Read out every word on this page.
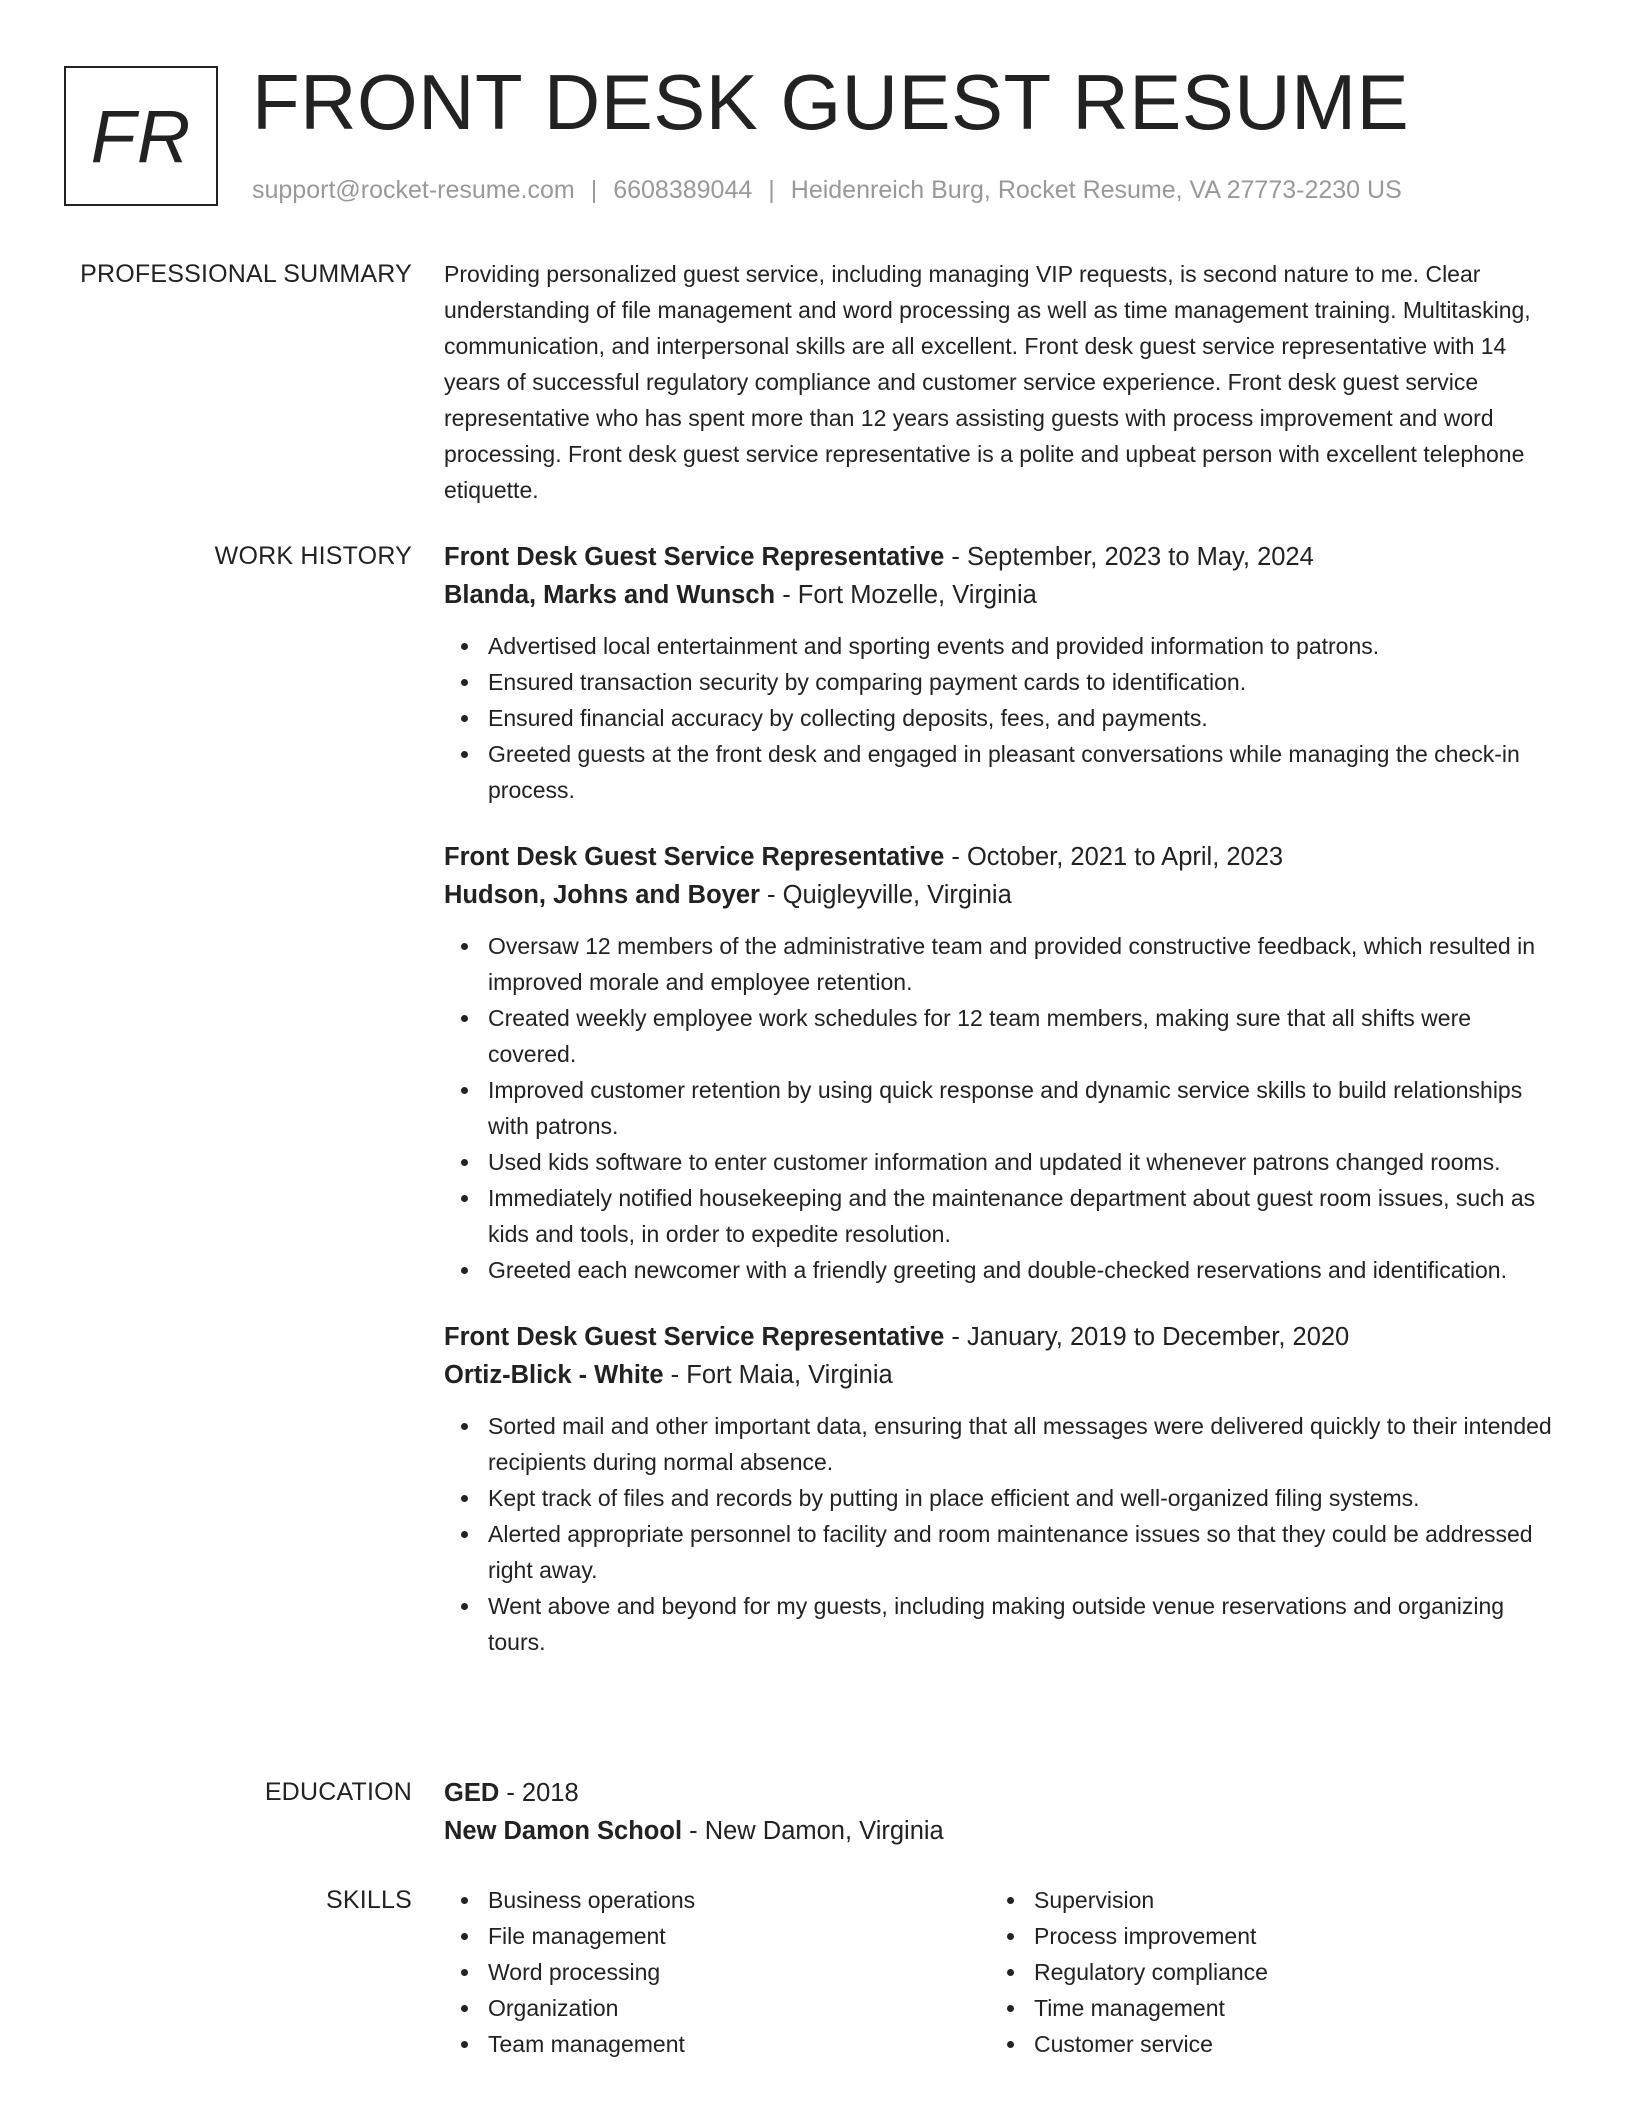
FR FRONT DESK GUEST RESUME
support@rocket-resume.com | 6608389044 | Heidenreich Burg, Rocket Resume, VA 27773-2230 US
PROFESSIONAL SUMMARY Providing personalized guest service, including managing VIP requests, is second nature to me. Clear understanding of file management and word processing as well as time management training. Multitasking, communication, and interpersonal skills are all excellent. Front desk guest service representative with 14 years of successful regulatory compliance and customer service experience. Front desk guest service representative who has spent more than 12 years assisting guests with process improvement and word processing. Front desk guest service representative is a polite and upbeat person with excellent telephone etiquette.

WORK HISTORY Front Desk Guest Service Representative - September, 2023 to May, 2024
Blanda, Marks and Wunsch - Fort Mozelle, Virginia
Advertised local entertainment and sporting events and provided information to patrons.
Ensured transaction security by comparing payment cards to identification.
Ensured financial accuracy by collecting deposits, fees, and payments.
Greeted guests at the front desk and engaged in pleasant conversations while managing the check-in process.
Front Desk Guest Service Representative - October, 2021 to April, 2023
Hudson, Johns and Boyer - Quigleyville, Virginia
Oversaw 12 members of the administrative team and provided constructive feedback, which resulted in improved morale and employee retention.
Created weekly employee work schedules for 12 team members, making sure that all shifts were covered.
Improved customer retention by using quick response and dynamic service skills to build relationships with patrons.
Used kids software to enter customer information and updated it whenever patrons changed rooms.
Immediately notified housekeeping and the maintenance department about guest room issues, such as kids and tools, in order to expedite resolution.
Greeted each newcomer with a friendly greeting and double-checked reservations and identification.
Front Desk Guest Service Representative - January, 2019 to December, 2020
Ortiz-Blick - White - Fort Maia, Virginia
Sorted mail and other important data, ensuring that all messages were delivered quickly to their intended recipients during normal absence.
Kept track of files and records by putting in place efficient and well-organized filing systems.
Alerted appropriate personnel to facility and room maintenance issues so that they could be addressed right away.
Went above and beyond for my guests, including making outside venue reservations and organizing tours.
EDUCATION GED - 2018
New Damon School - New Damon, Virginia
SKILLS	Business operations
File management
Word processing
Organization
Team management
Supervision
Process improvement
Regulatory compliance
Time management
Customer service
